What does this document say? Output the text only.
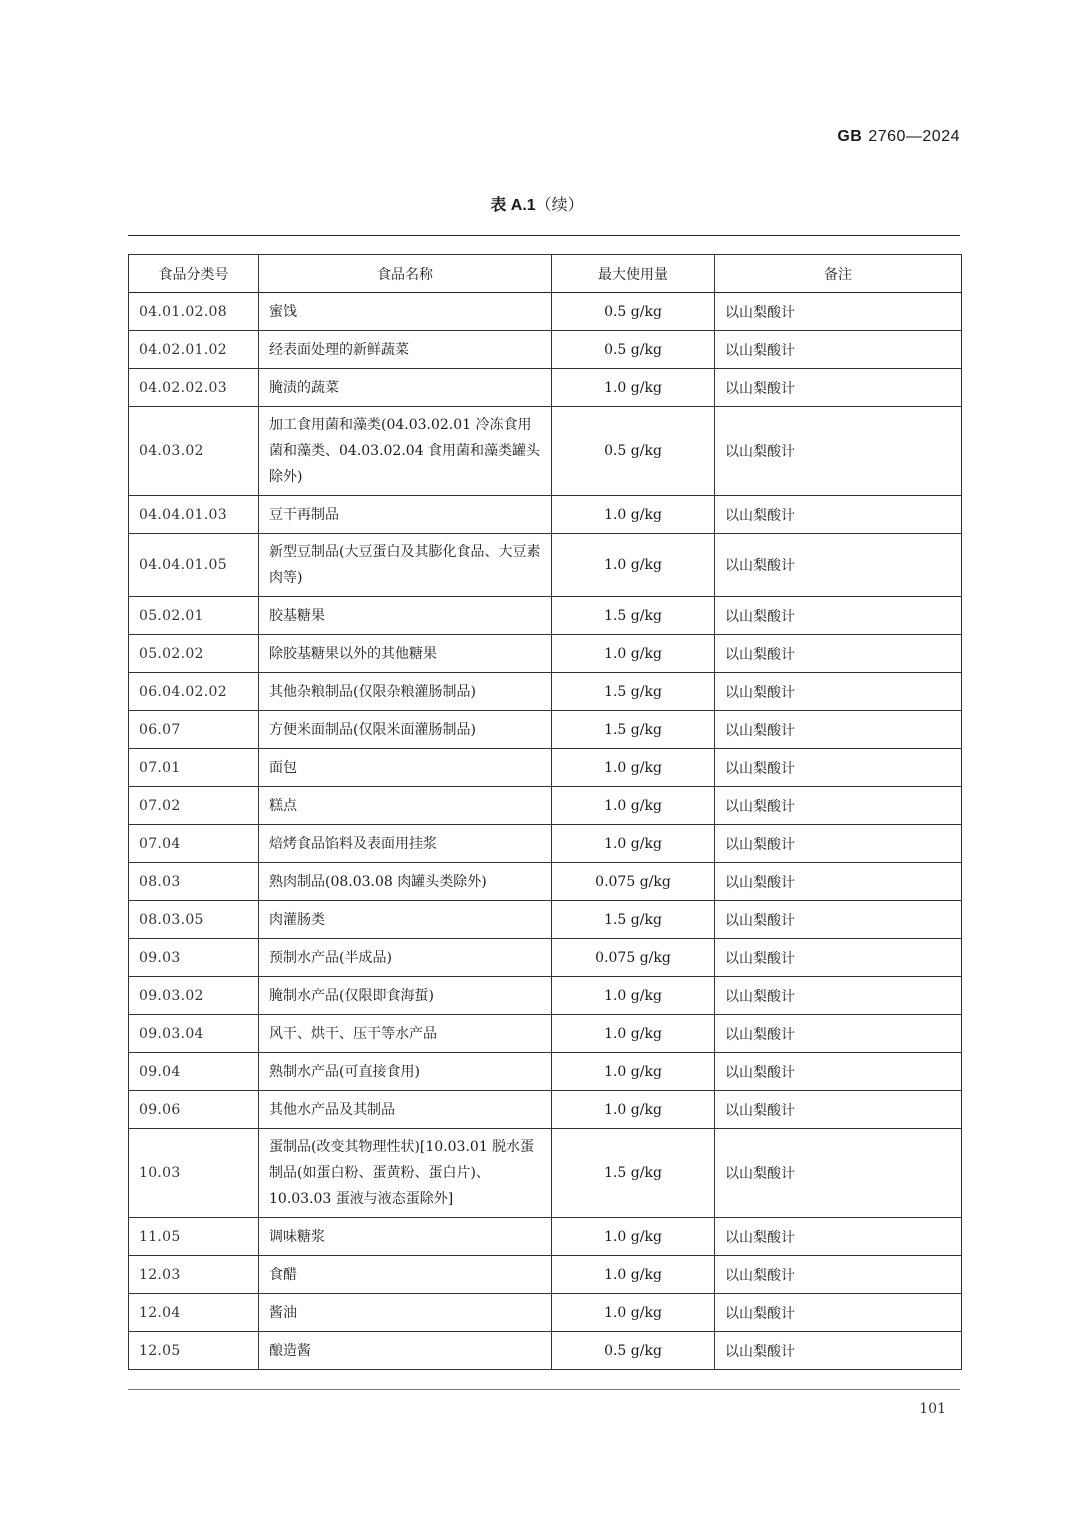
GB 2760—2024
表 A.1（续）
食品分类号	食品名称	最大使用量	备注
04.01.02.08	蜜饯	0.5 g/kg	以山梨酸计
04.02.01.02	经表面处理的新鲜蔬菜	0.5 g/kg	以山梨酸计
04.02.02.03	腌渍的蔬菜	1.0 g/kg	以山梨酸计
04.03.02	加工食用菌和藻类(04.03.02.01 冷冻食用菌和藻类、04.03.02.04 食用菌和藻类罐头除外)	0.5 g/kg	以山梨酸计
04.04.01.03	豆干再制品	1.0 g/kg	以山梨酸计
04.04.01.05	新型豆制品(大豆蛋白及其膨化食品、大豆素肉等)	1.0 g/kg	以山梨酸计
05.02.01	胶基糖果	1.5 g/kg	以山梨酸计
05.02.02	除胶基糖果以外的其他糖果	1.0 g/kg	以山梨酸计
06.04.02.02	其他杂粮制品(仅限杂粮灌肠制品)	1.5 g/kg	以山梨酸计
06.07	方便米面制品(仅限米面灌肠制品)	1.5 g/kg	以山梨酸计
07.01	面包	1.0 g/kg	以山梨酸计
07.02	糕点	1.0 g/kg	以山梨酸计
07.04	焙烤食品馅料及表面用挂浆	1.0 g/kg	以山梨酸计
08.03	熟肉制品(08.03.08 肉罐头类除外)	0.075 g/kg	以山梨酸计
08.03.05	肉灌肠类	1.5 g/kg	以山梨酸计
09.03	预制水产品(半成品)	0.075 g/kg	以山梨酸计
09.03.02	腌制水产品(仅限即食海蜇)	1.0 g/kg	以山梨酸计
09.03.04	风干、烘干、压干等水产品	1.0 g/kg	以山梨酸计
09.04	熟制水产品(可直接食用)	1.0 g/kg	以山梨酸计
09.06	其他水产品及其制品	1.0 g/kg	以山梨酸计
10.03	蛋制品(改变其物理性状)[10.03.01 脱水蛋制品(如蛋白粉、蛋黄粉、蛋白片)、10.03.03 蛋液与液态蛋除外]	1.5 g/kg	以山梨酸计
11.05	调味糖浆	1.0 g/kg	以山梨酸计
12.03	食醋	1.0 g/kg	以山梨酸计
12.04	酱油	1.0 g/kg	以山梨酸计
12.05	酿造酱	0.5 g/kg	以山梨酸计
101
